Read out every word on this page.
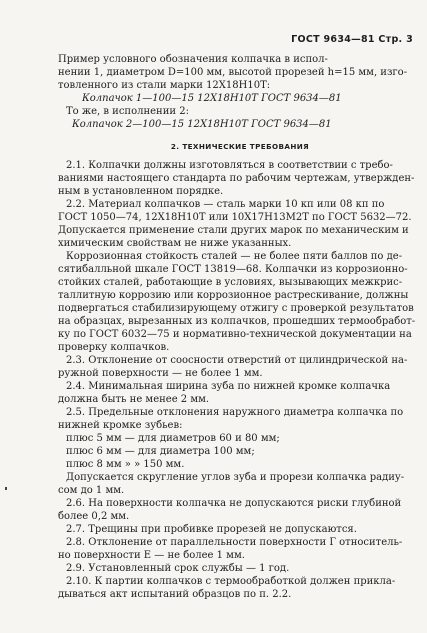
ГОСТ 9634—81 Стр. 3
Пример условного обозначения колпачка в испол-
нении 1, диаметром D=100 мм, высотой прорезей h=15 мм, изго-
товленного из стали марки 12Х18Н10Т:
Колпачок 1—100—15 12Х18Н10Т ГОСТ 9634—81
То же, в исполнении 2:
Колпачок 2—100—15 12Х18Н10Т ГОСТ 9634—81
2. ТЕХНИЧЕСКИЕ ТРЕБОВАНИЯ
2.1. Колпачки должны изготовляться в соответствии с требо-
ваниями настоящего стандарта по рабочим чертежам, утвержден-
ным в установленном порядке.
2.2. Материал колпачков — сталь марки 10 кп или 08 кп по
ГОСТ 1050—74, 12Х18Н10Т или 10Х17Н13М2Т по ГОСТ 5632—72.
Допускается применение стали других марок по механическим и
химическим свойствам не ниже указанных.
Коррозионная стойкость сталей — не более пяти баллов по де-
сятибалльной шкале ГОСТ 13819—68. Колпачки из коррозионно-
стойких сталей, работающие в условиях, вызывающих межкрис-
таллитную коррозию или коррозионное растрескивание, должны
подвергаться стабилизирующему отжигу с проверкой результатов
на образцах, вырезанных из колпачков, прошедших термообработ-
ку по ГОСТ 6032—75 и нормативно-технической документации на
проверку колпачков.
2.3. Отклонение от соосности отверстий от цилиндрической на-
ружной поверхности — не более 1 мм.
2.4. Минимальная ширина зуба по нижней кромке колпачка
должна быть не менее 2 мм.
2.5. Предельные отклонения наружного диаметра колпачка по
нижней кромке зубьев:
плюс 5 мм — для диаметров 60 и 80 мм;
плюс 6 мм — для диаметра 100 мм;
плюс 8 мм » » 150 мм.
Допускается скругление углов зуба и прорези колпачка радиу-
сом до 1 мм.
2.6. На поверхности колпачка не допускаются риски глубиной
более 0,2 мм.
2.7. Трещины при пробивке прорезей не допускаются.
2.8. Отклонение от параллельности поверхности Г относитель-
но поверхности Е — не более 1 мм.
2.9. Установленный срок службы — 1 год.
2.10. К партии колпачков с термообработкой должен прикла-
дываться акт испытаний образцов по п. 2.2.
